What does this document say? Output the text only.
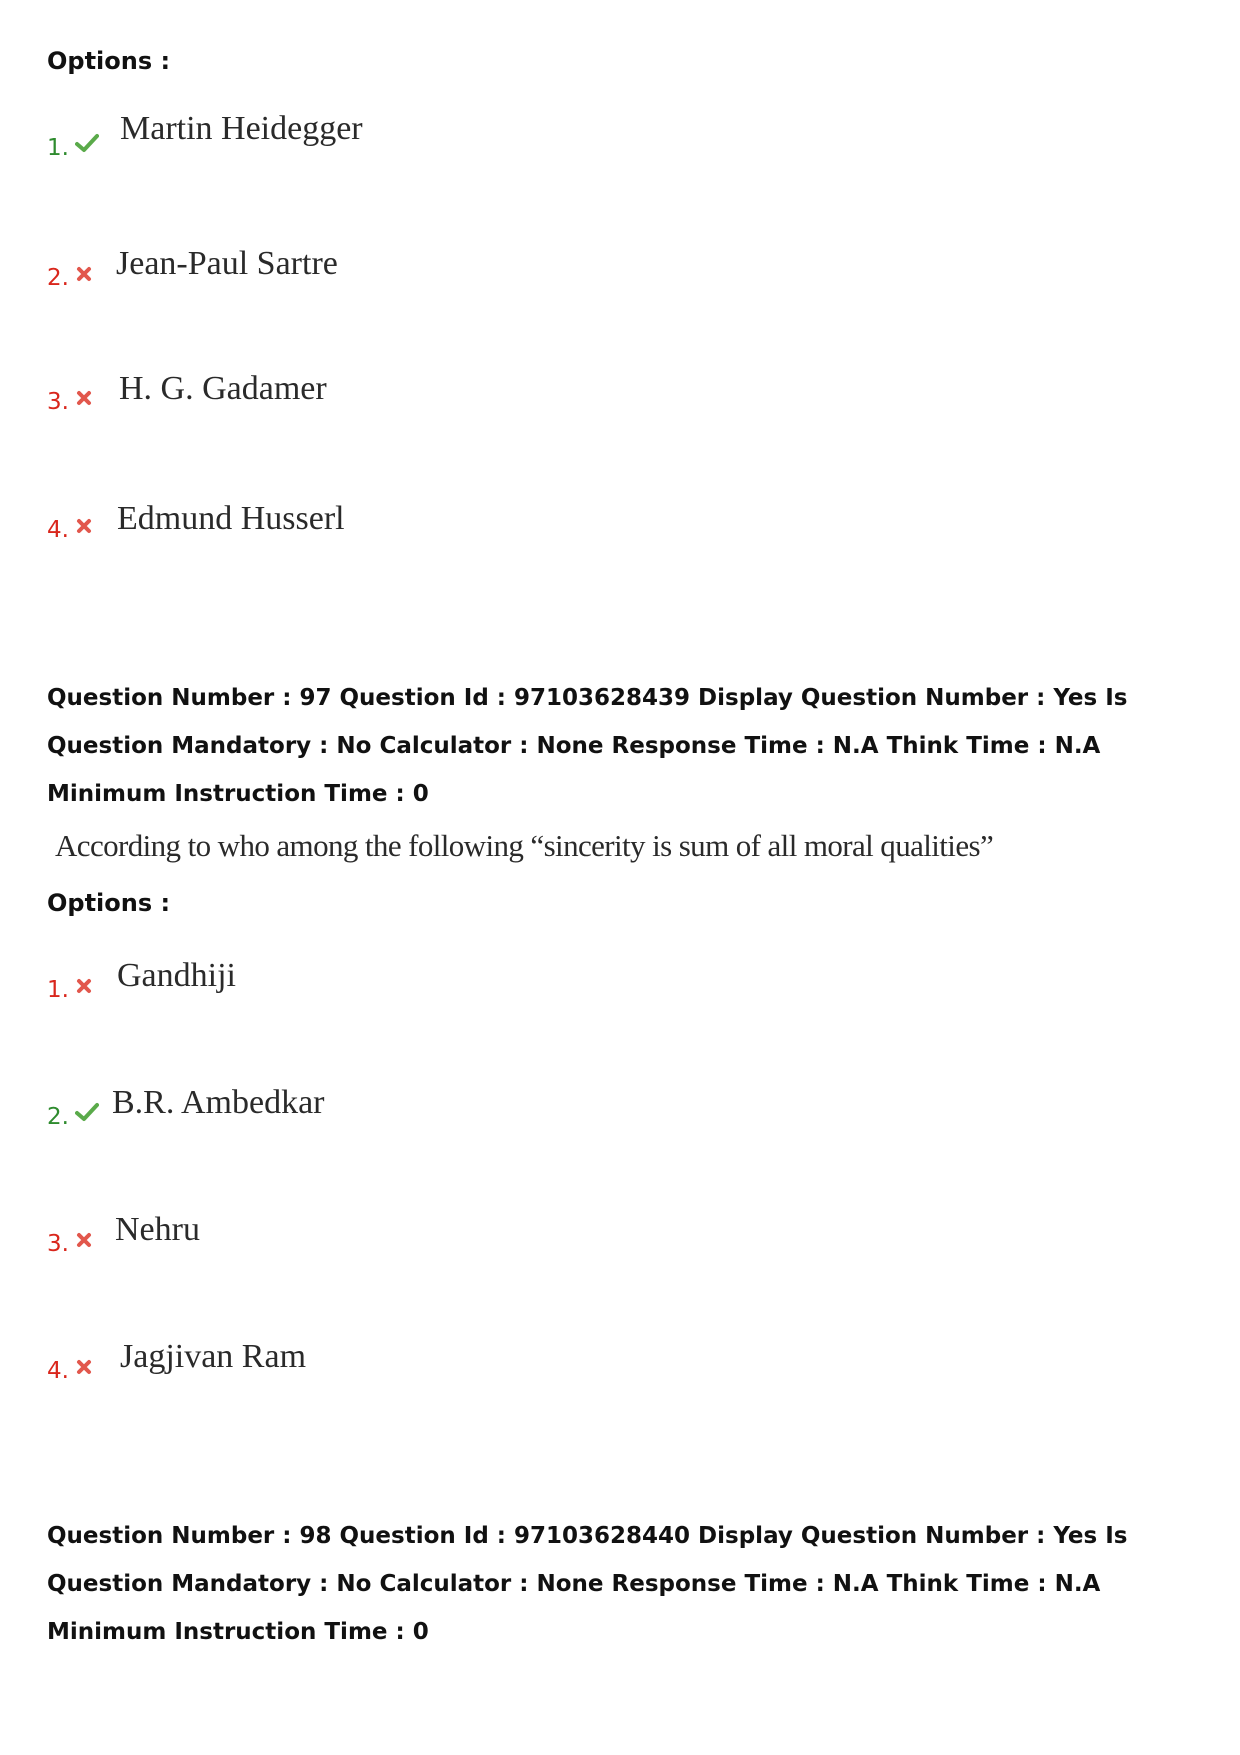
Options :
1.
Martin Heidegger
2.	Jean-Paul Sartre
3.	H. G. Gadamer
4.	Edmund Husserl
Question Number : 97 Question Id : 97103628439 Display Question Number : Yes Is Question Mandatory : No Calculator : None Response Time : N.A Think Time : N.A Minimum Instruction Time : 0
According to who among the following “sincerity is sum of all moral qualities”
Options :
1.	Gandhiji
2.	B.R. Ambedkar
3.	Nehru
4.	Jagjivan Ram
Question Number : 98 Question Id : 97103628440 Display Question Number : Yes Is Question Mandatory : No Calculator : None Response Time : N.A Think Time : N.A Minimum Instruction Time : 0
